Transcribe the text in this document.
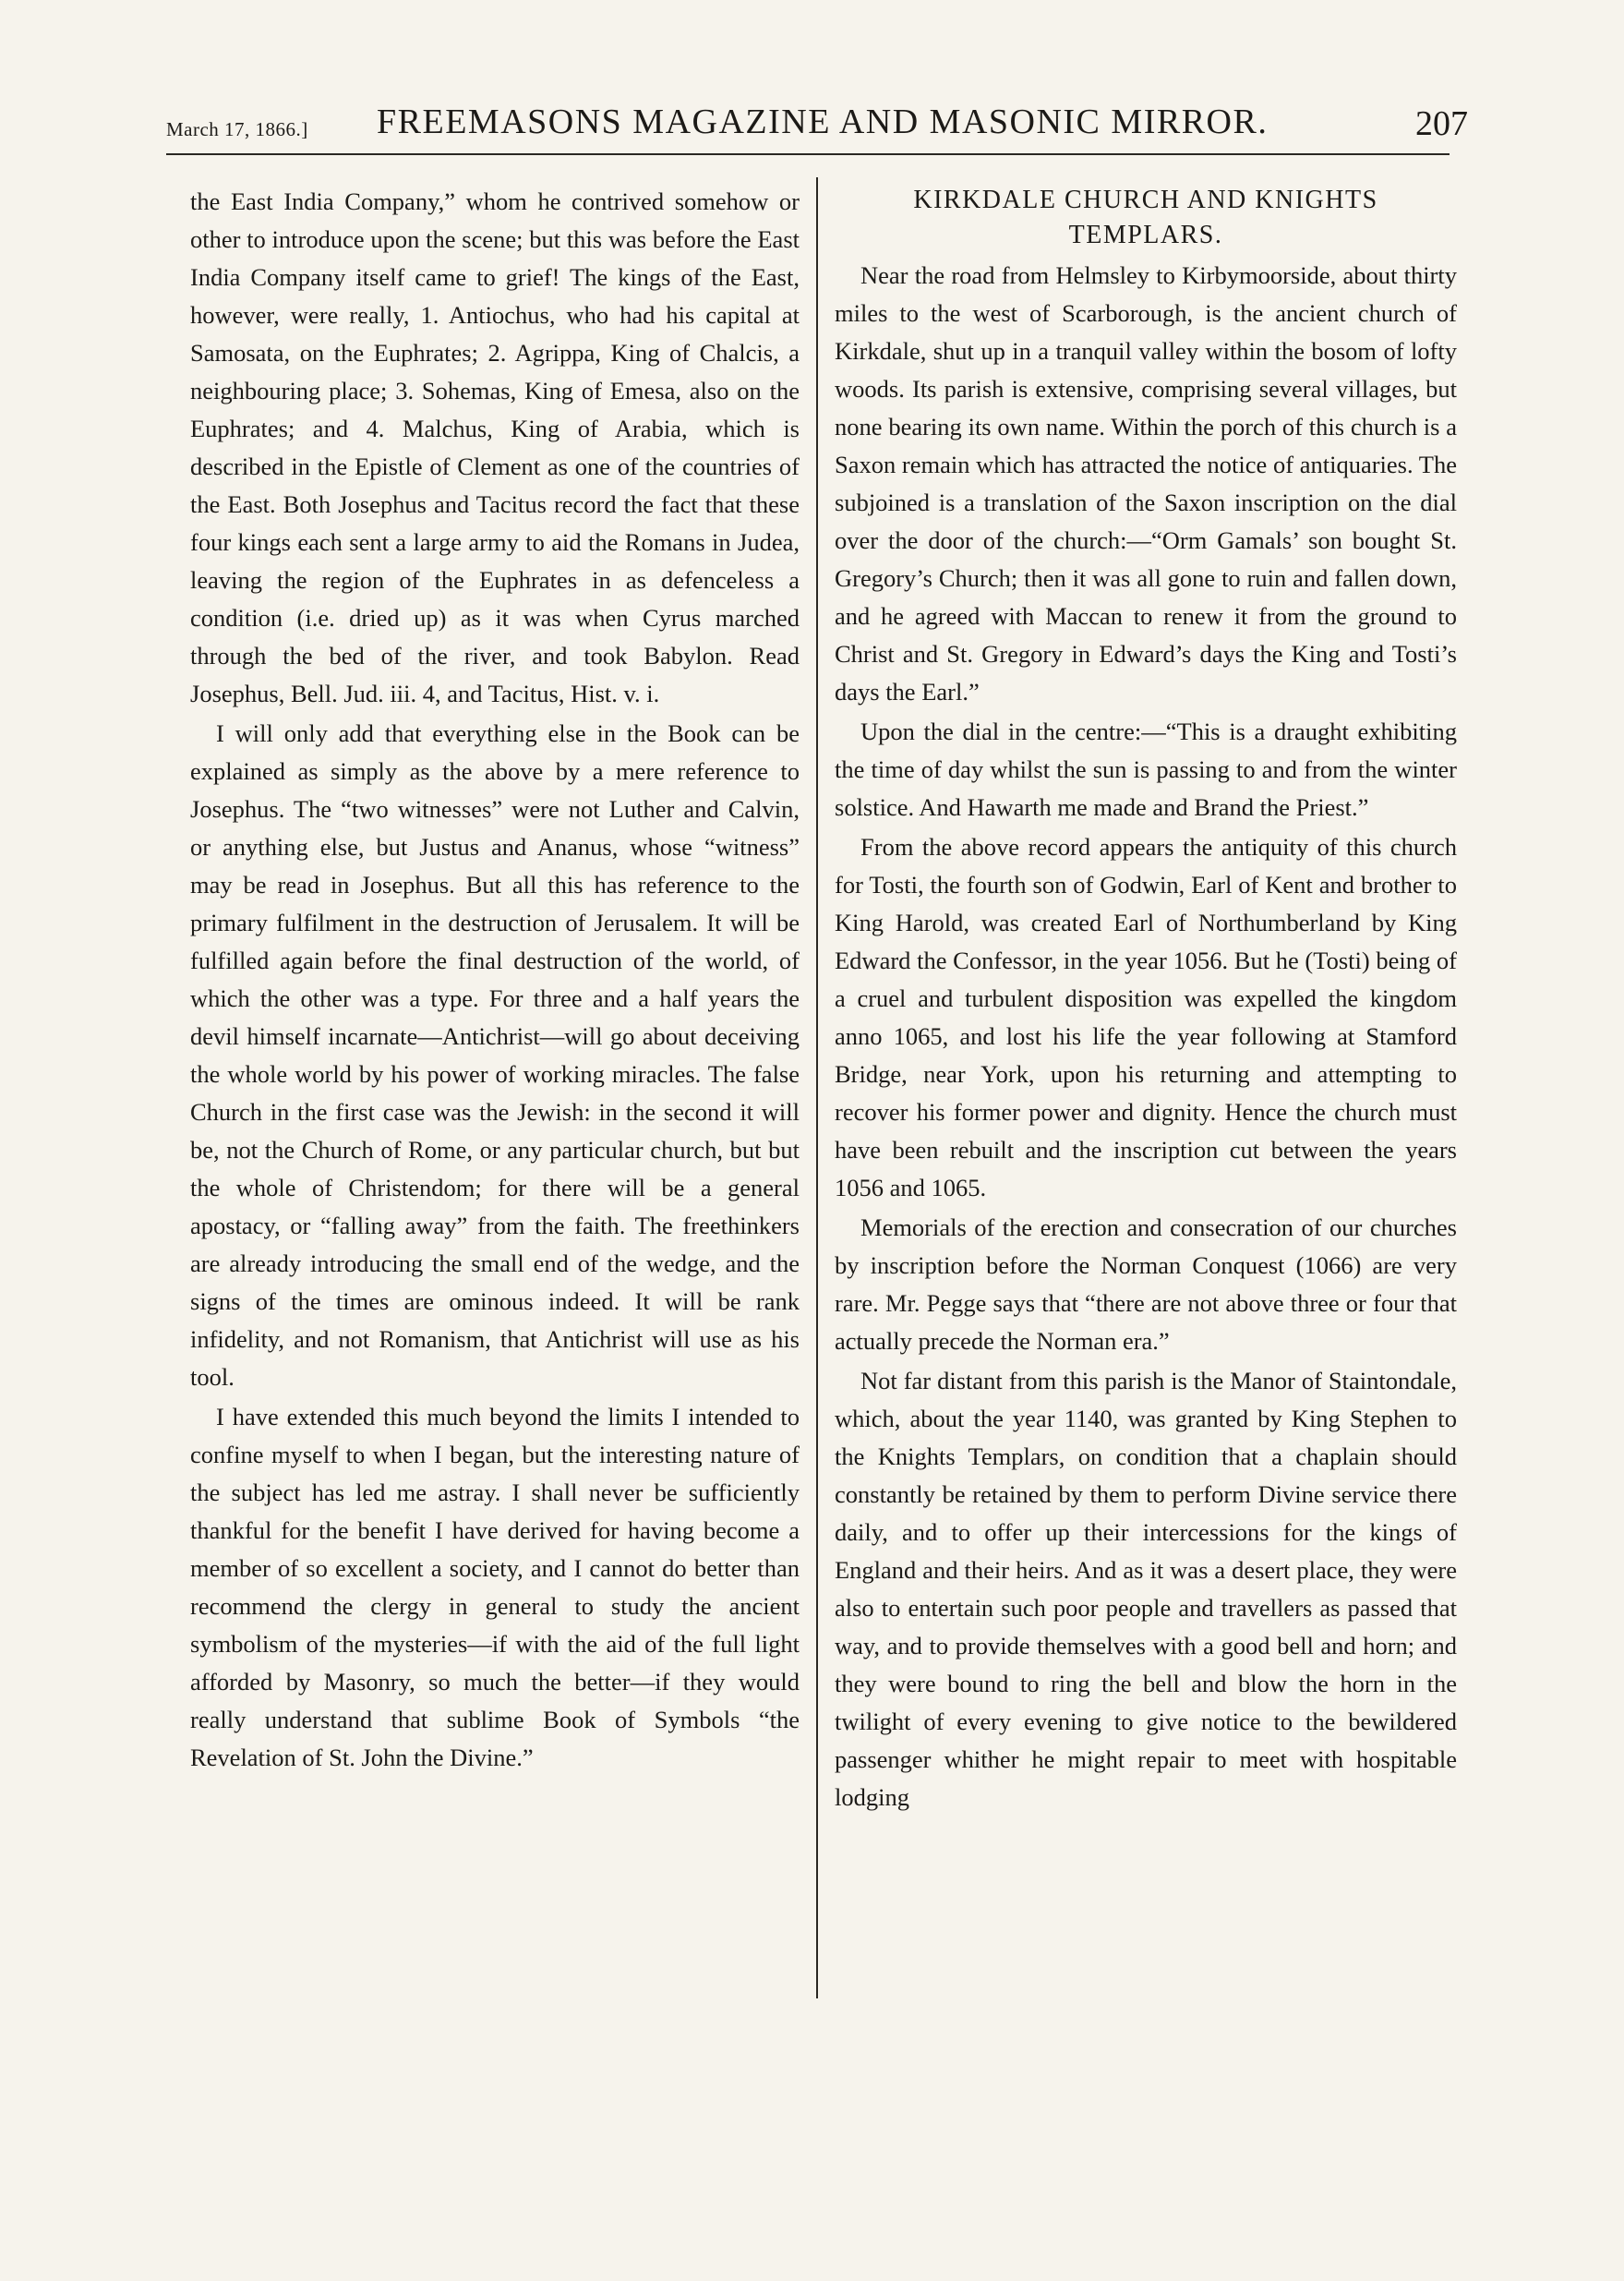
March 17, 1866.] FREEMASONS MAGAZINE AND MASONIC MIRROR.	207

the East India Company,” whom he contrived somehow or other to introduce upon the scene; but this was before the East India Company itself came to grief! The kings of the East, however, were really, 1. Antiochus, who had his capital at Samosata, on the Euphrates; 2. Agrippa, King of Chalcis, a neighbouring place; 3. Sohemas, King of Emesa, also on the Euphrates; and 4. Malchus, King of Arabia, which is described in the Epistle of Clement as one of the countries of the East. Both Josephus and Tacitus record the fact that these four kings each sent a large army to aid the Romans in Judea, leaving the region of the Euphrates in as defenceless a condition (i.e. dried up) as it was when Cyrus marched through the bed of the river, and took Babylon. Read Josephus, Bell. Jud. iii. 4, and Tacitus, Hist. v. i.

I will only add that everything else in the Book can be explained as simply as the above by a mere reference to Josephus. The “two witnesses” were not Luther and Calvin, or anything else, but Justus and Ananus, whose “witness” may be read in Josephus. But all this has reference to the primary fulfilment in the destruction of Jerusalem. It will be fulfilled again before the final destruction of the world, of which the other was a type. For three and a half years the devil himself incarnate—Antichrist—will go about deceiving the whole world by his power of working miracles. The false Church in the first case was the Jewish: in the second it will be, not the Church of Rome, or any particular church, but but the whole of Christendom; for there will be a general apostacy, or “falling away” from the faith. The freethinkers are already introducing the small end of the wedge, and the signs of the times are ominous indeed. It will be rank infidelity, and not Romanism, that Antichrist will use as his tool.

I have extended this much beyond the limits I intended to confine myself to when I began, but the interesting nature of the subject has led me astray. I shall never be sufficiently thankful for the benefit I have derived for having become a member of so excellent a society, and I cannot do better than recommend the clergy in general to study the ancient symbolism of the mysteries—if with the aid of the full light afforded by Masonry, so much the better—if they would really understand that sublime Book of Symbols “the Revelation of St. John the Divine.”

KIRKDALE CHURCH AND KNIGHTS TEMPLARS.

Near the road from Helmsley to Kirbymoorside, about thirty miles to the west of Scarborough, is the ancient church of Kirkdale, shut up in a tranquil valley within the bosom of lofty woods. Its parish is extensive, comprising several villages, but none bearing its own name. Within the porch of this church is a Saxon remain which has attracted the notice of antiquaries. The subjoined is a translation of the Saxon inscription on the dial over the door of the church:—“Orm Gamals’ son bought St. Gregory’s Church; then it was all gone to ruin and fallen down, and he agreed with Maccan to renew it from the ground to Christ and St. Gregory in Edward’s days the King and Tosti’s days the Earl.”

Upon the dial in the centre:—“This is a draught exhibiting the time of day whilst the sun is passing to and from the winter solstice. And Hawarth me made and Brand the Priest.”

From the above record appears the antiquity of this church for Tosti, the fourth son of Godwin, Earl of Kent and brother to King Harold, was created Earl of Northumberland by King Edward the Confessor, in the year 1056. But he (Tosti) being of a cruel and turbulent disposition was expelled the kingdom anno 1065, and lost his life the year following at Stamford Bridge, near York, upon his returning and attempting to recover his former power and dignity. Hence the church must have been rebuilt and the inscription cut between the years 1056 and 1065.

Memorials of the erection and consecration of our churches by inscription before the Norman Conquest (1066) are very rare. Mr. Pegge says that “there are not above three or four that actually precede the Norman era.”

Not far distant from this parish is the Manor of Staintondale, which, about the year 1140, was granted by King Stephen to the Knights Templars, on condition that a chaplain should constantly be retained by them to perform Divine service there daily, and to offer up their intercessions for the kings of England and their heirs. And as it was a desert place, they were also to entertain such poor people and travellers as passed that way, and to provide themselves with a good bell and horn; and they were bound to ring the bell and blow the horn in the twilight of every evening to give notice to the bewildered passenger whither he might repair to meet with hospitable lodging
